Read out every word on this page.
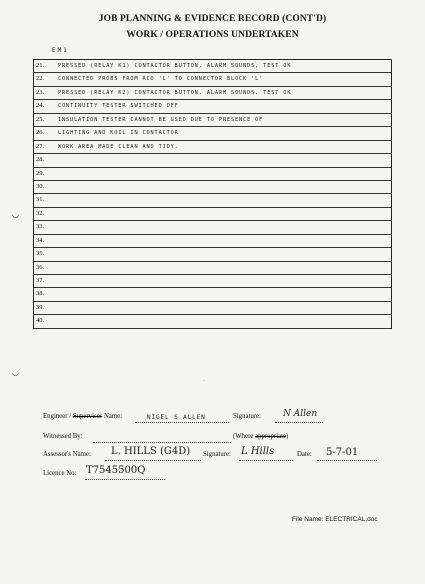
JOB PLANNING & EVIDENCE RECORD (CONT'D)
WORK / OPERATIONS UNDERTAKEN
EM1
21.	PRESSED (RELAY K1) CONTACTOR BUTTON, ALARM SOUNDS, TEST OK
22.	CONNECTED PROBS FROM RCD 'L' TO CONNECTOR BLOCK 'L'
23.	PRESSED (RELAY K2) CONTACTOR BUTTON, ALARM SOUNDS, TEST OK
24.	CONTINUITY TESTER SWITCHED OFF
25.	INSULATION TESTER CANNOT BE USED DUE TO PRESENCE OF
26.	LIGHTING AND KOIL IN CONTACTOR
27.	WORK AREA MADE CLEAN AND TIDY.
28.
29.
30.
31.
32.
33.
34.
35.
36.
37.
38.
39.
40.
◡
◡
´
Engineer / Supervisor Name:	NIGEL S ALLEN	Signature: N Allen
Witnessed By:	(Where appropriate)
Assessor's Name: L. HILLS (G4D) Signature: L Hills	Date: 5-7-01
Licence No: T7545500Q
File Name: ELECTRICAL.doc
